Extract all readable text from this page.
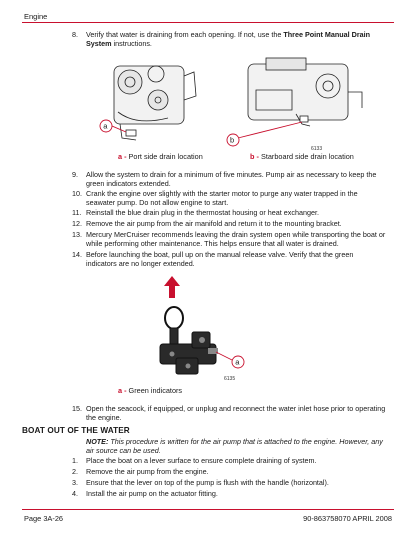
Engine
8. Verify that water is draining from each opening. If not, use the Three Point Manual Drain System instructions.
a
b
6133
a - Port side drain location	b - Starboard side drain location
9. Allow the system to drain for a minimum of five minutes. Pump air as necessary to keep the green indicators extended.
10. Crank the engine over slightly with the starter motor to purge any water trapped in the seawater pump. Do not allow engine to start.
11. Reinstall the blue drain plug in the thermostat housing or heat exchanger.
12. Remove the air pump from the air manifold and return it to the mounting bracket.
13. Mercury MerCruiser recommends leaving the drain system open while transporting the boat or while performing other maintenance. This helps ensure that all water is drained.
14. Before launching the boat, pull up on the manual release valve. Verify that the green indicators are no longer extended.
a
6135
a - Green indicators
15. Open the seacock, if equipped, or unplug and reconnect the water inlet hose prior to operating the engine.
BOAT OUT OF THE WATER
NOTE: This procedure is written for the air pump that is attached to the engine. However, any air source can be used.
1. Place the boat on a lever surface to ensure complete draining of system.
2. Remove the air pump from the engine.
3. Ensure that the lever on top of the pump is flush with the handle (horizontal).
4. Install the air pump on the actuator fitting.
Page 3A-26	90-863758070 APRIL 2008
